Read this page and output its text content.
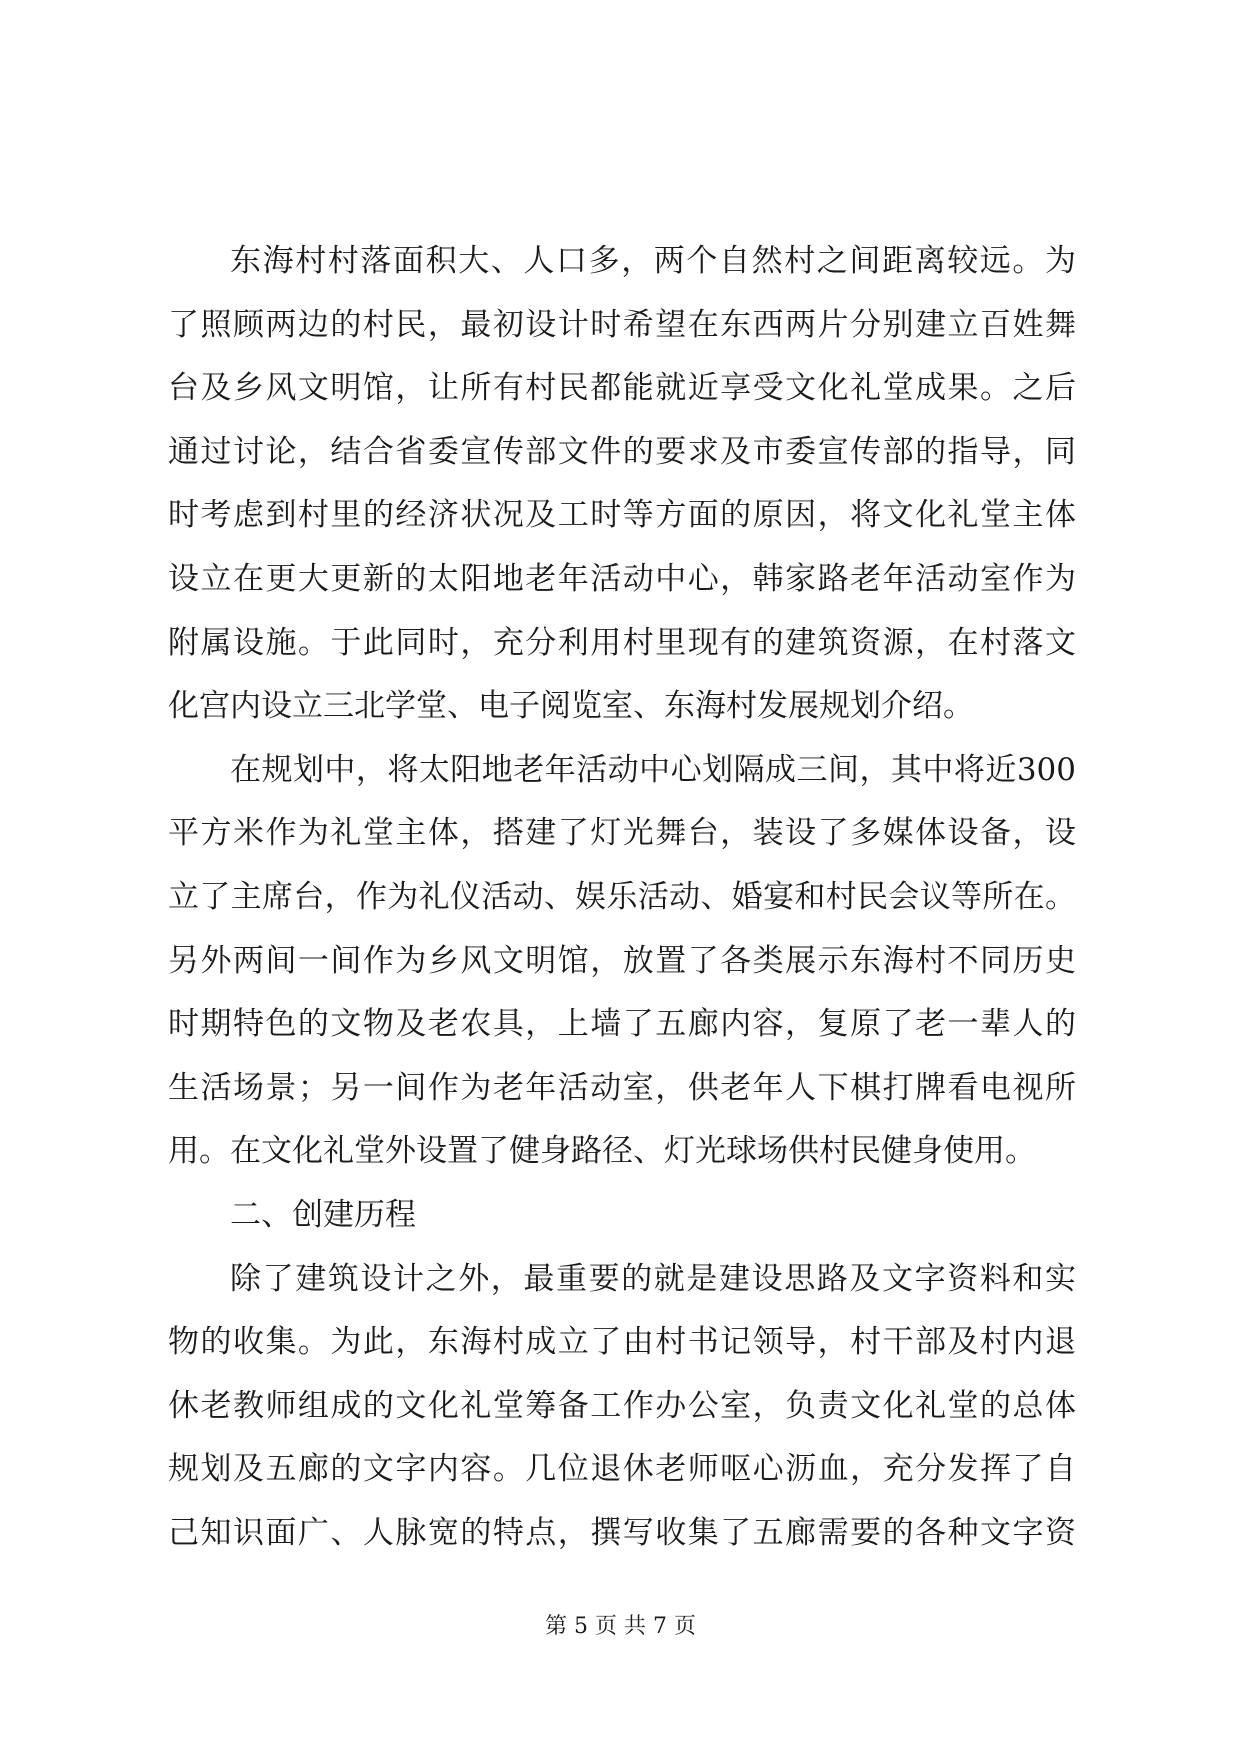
东海村村落面积大、人口多，两个自然村之间距离较远。为
了照顾两边的村民，最初设计时希望在东西两片分别建立百姓舞
台及乡风文明馆，让所有村民都能就近享受文化礼堂成果。之后
通过讨论，结合省委宣传部文件的要求及市委宣传部的指导，同
时考虑到村里的经济状况及工时等方面的原因，将文化礼堂主体
设立在更大更新的太阳地老年活动中心，韩家路老年活动室作为
附属设施。于此同时，充分利用村里现有的建筑资源，在村落文
化宫内设立三北学堂、电子阅览室、东海村发展规划介绍。
在规划中，将太阳地老年活动中心划隔成三间，其中将近300
平方米作为礼堂主体，搭建了灯光舞台，装设了多媒体设备，设
立了主席台，作为礼仪活动、娱乐活动、婚宴和村民会议等所在。
另外两间一间作为乡风文明馆，放置了各类展示东海村不同历史
时期特色的文物及老农具，上墙了五廊内容，复原了老一辈人的
生活场景；另一间作为老年活动室，供老年人下棋打牌看电视所
用。在文化礼堂外设置了健身路径、灯光球场供村民健身使用。
二、创建历程
除了建筑设计之外，最重要的就是建设思路及文字资料和实
物的收集。为此，东海村成立了由村书记领导，村干部及村内退
休老教师组成的文化礼堂筹备工作办公室，负责文化礼堂的总体
规划及五廊的文字内容。几位退休老师呕心沥血，充分发挥了自
己知识面广、人脉宽的特点，撰写收集了五廊需要的各种文字资
第 5 页 共 7 页
